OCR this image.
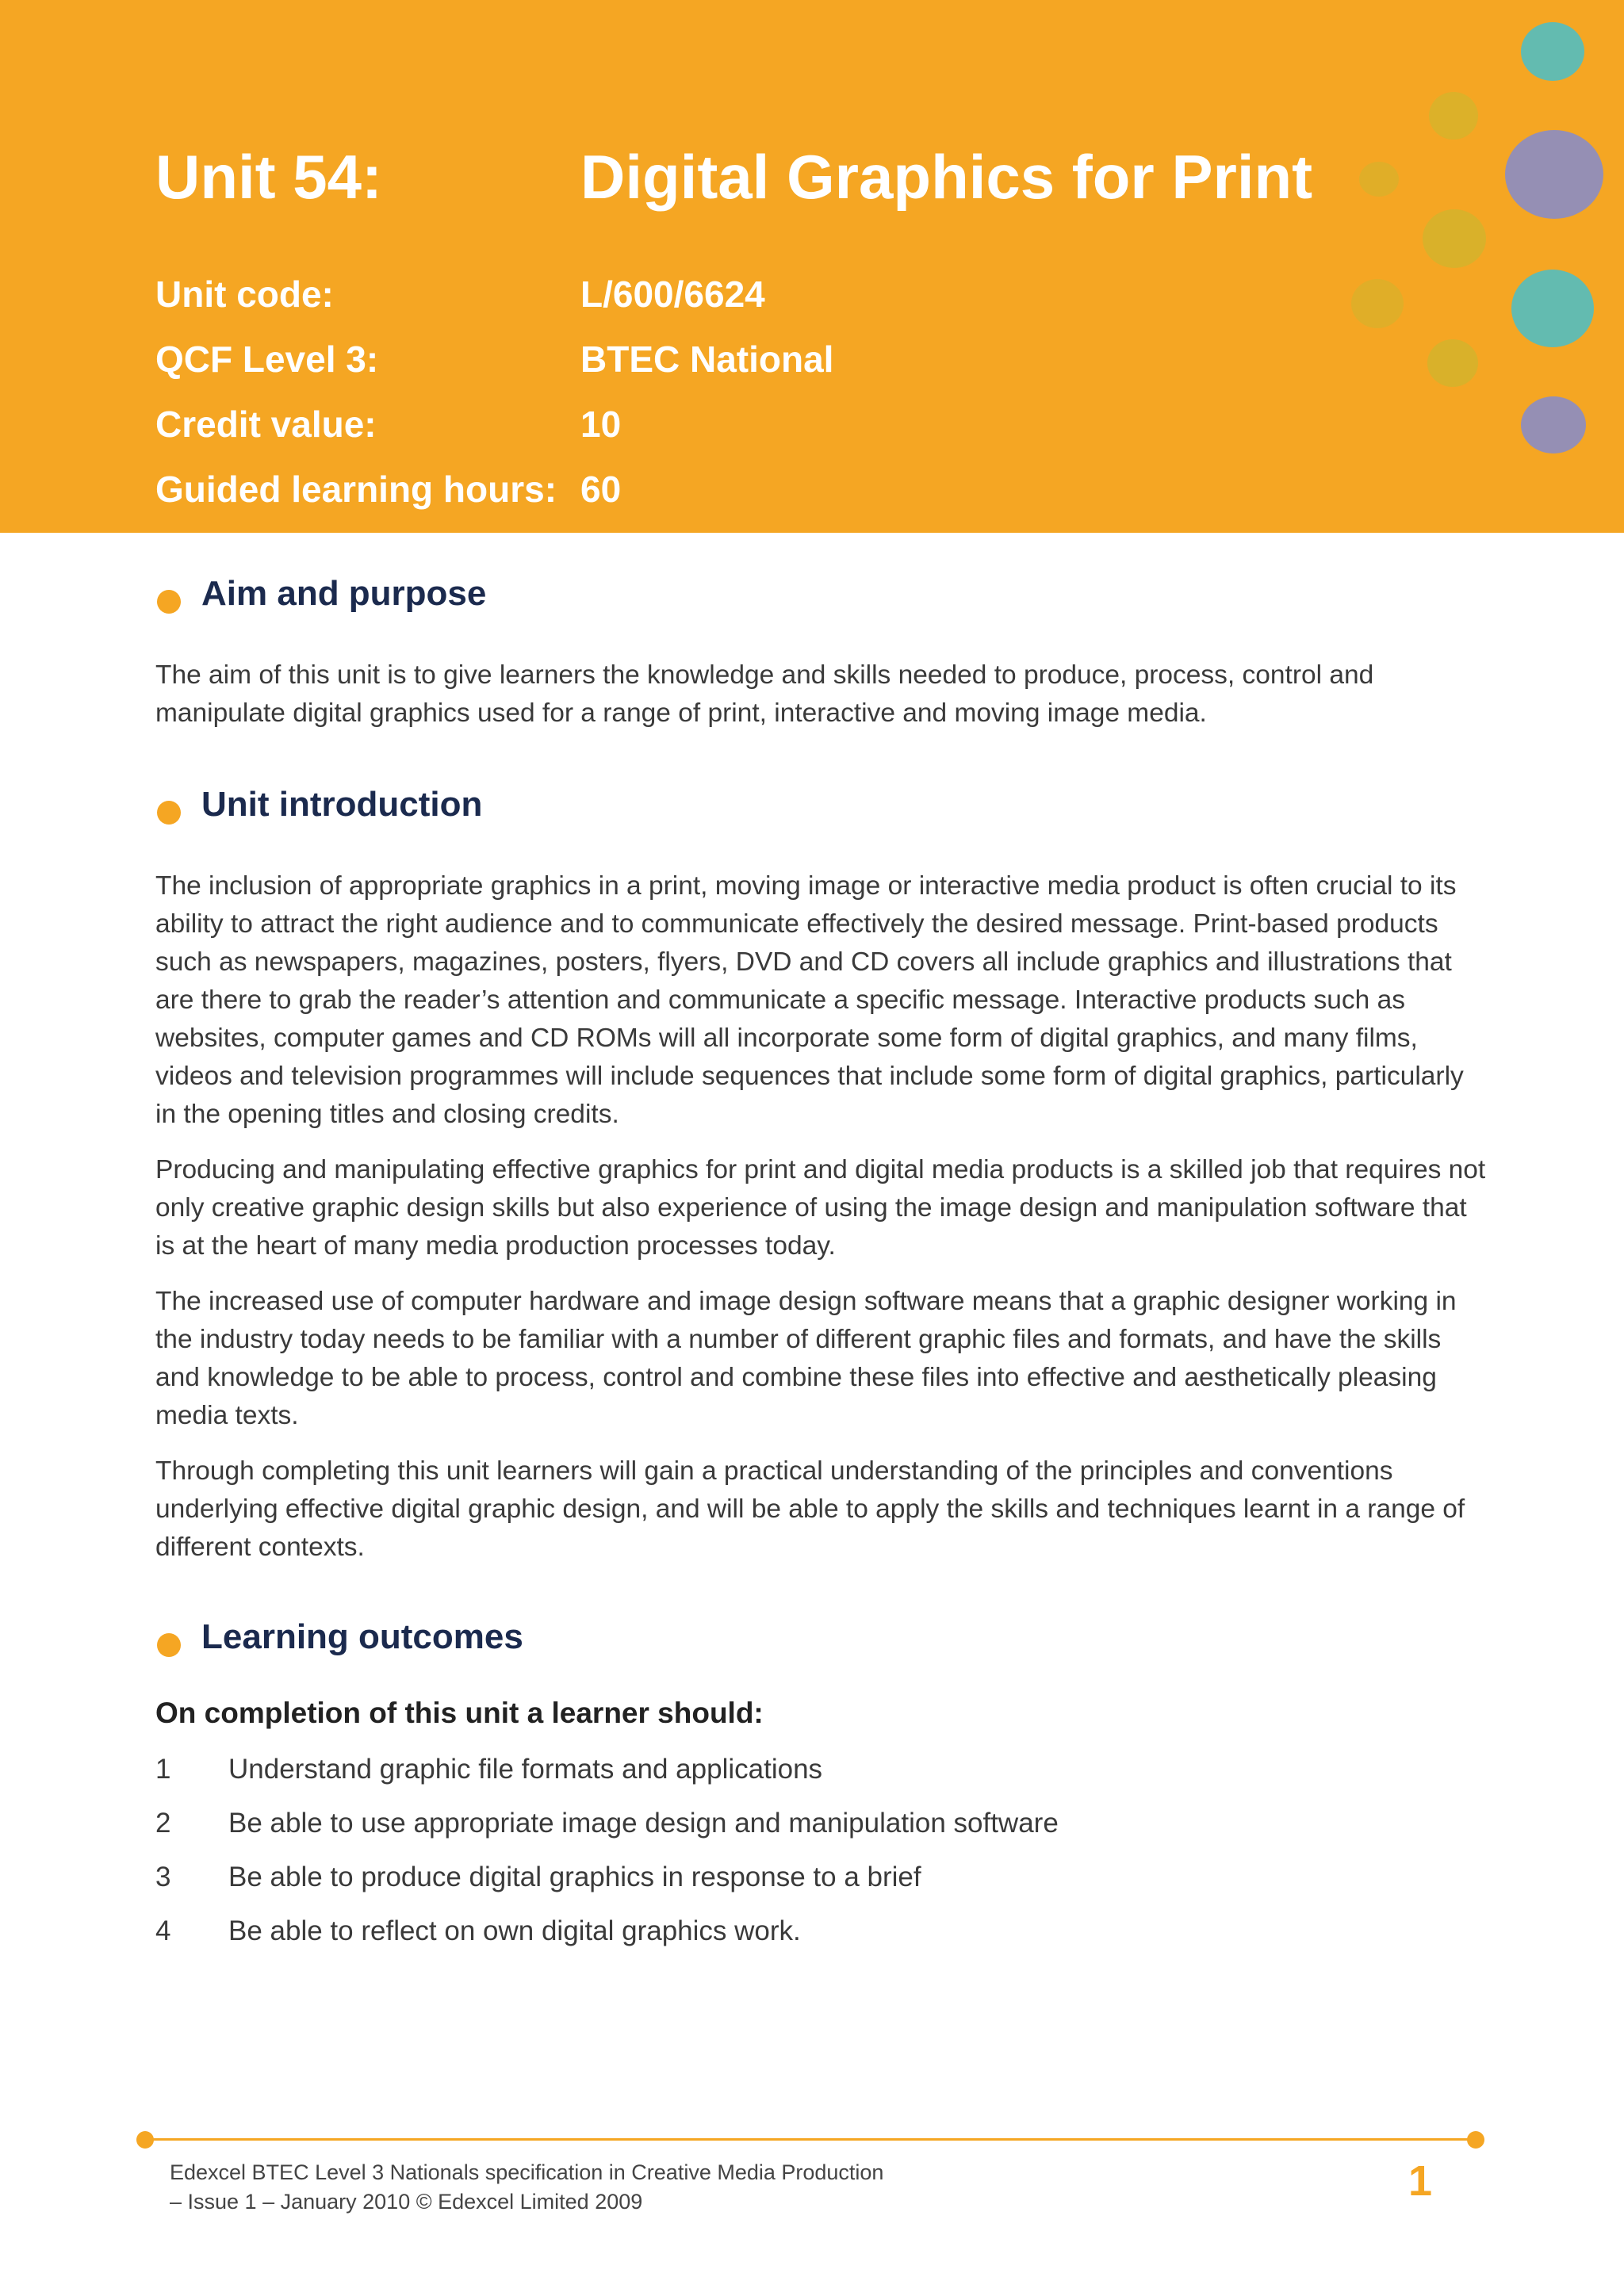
Unit 54:	Digital Graphics for Print
Unit code:	L/600/6624
QCF Level 3:	BTEC National
Credit value:	10
Guided learning hours: 60
Aim and purpose

The aim of this unit is to give learners the knowledge and skills needed to produce, process, control and manipulate digital graphics used for a range of print, interactive and moving image media.

Unit introduction

The inclusion of appropriate graphics in a print, moving image or interactive media product is often crucial to its ability to attract the right audience and to communicate effectively the desired message. Print-based products such as newspapers, magazines, posters, flyers, DVD and CD covers all include graphics and illustrations that are there to grab the reader’s attention and communicate a specific message. Interactive products such as websites, computer games and CD ROMs will all incorporate some form of digital graphics, and many films, videos and television programmes will include sequences that include some form of digital graphics, particularly in the opening titles and closing credits.

Producing and manipulating effective graphics for print and digital media products is a skilled job that requires not only creative graphic design skills but also experience of using the image design and manipulation software that is at the heart of many media production processes today.

The increased use of computer hardware and image design software means that a graphic designer working in the industry today needs to be familiar with a number of different graphic files and formats, and have the skills and knowledge to be able to process, control and combine these files into effective and aesthetically pleasing media texts.

Through completing this unit learners will gain a practical understanding of the principles and conventions underlying effective digital graphic design, and will be able to apply the skills and techniques learnt in a range of different contexts.

Learning outcomes
On completion of this unit a learner should:
1 Understand graphic file formats and applications
2 Be able to use appropriate image design and manipulation software
3 Be able to produce digital graphics in response to a brief
4 Be able to reflect on own digital graphics work.
Edexcel BTEC Level 3 Nationals specification in Creative Media Production
– Issue 1 – January 2010 © Edexcel Limited 2009	1
